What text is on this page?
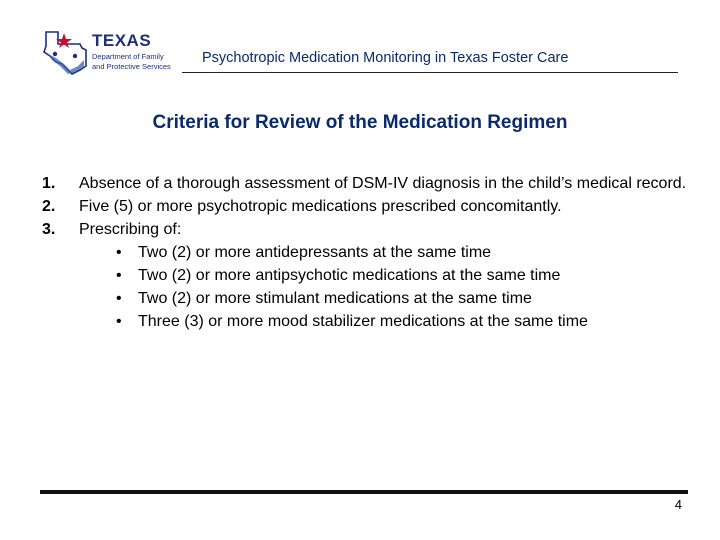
TEXAS
Department of Family
and Protective Services
Psychotropic Medication Monitoring in Texas Foster Care
Criteria for Review of the Medication Regimen
1. Absence of a thorough assessment of DSM-IV diagnosis in the child’s medical record.
2. Five (5) or more psychotropic medications prescribed concomitantly.
3. Prescribing of:
• Two (2) or more antidepressants at the same time
• Two (2) or more antipsychotic medications at the same time
• Two (2) or more stimulant medications at the same time
• Three (3) or more mood stabilizer medications at the same time
4
